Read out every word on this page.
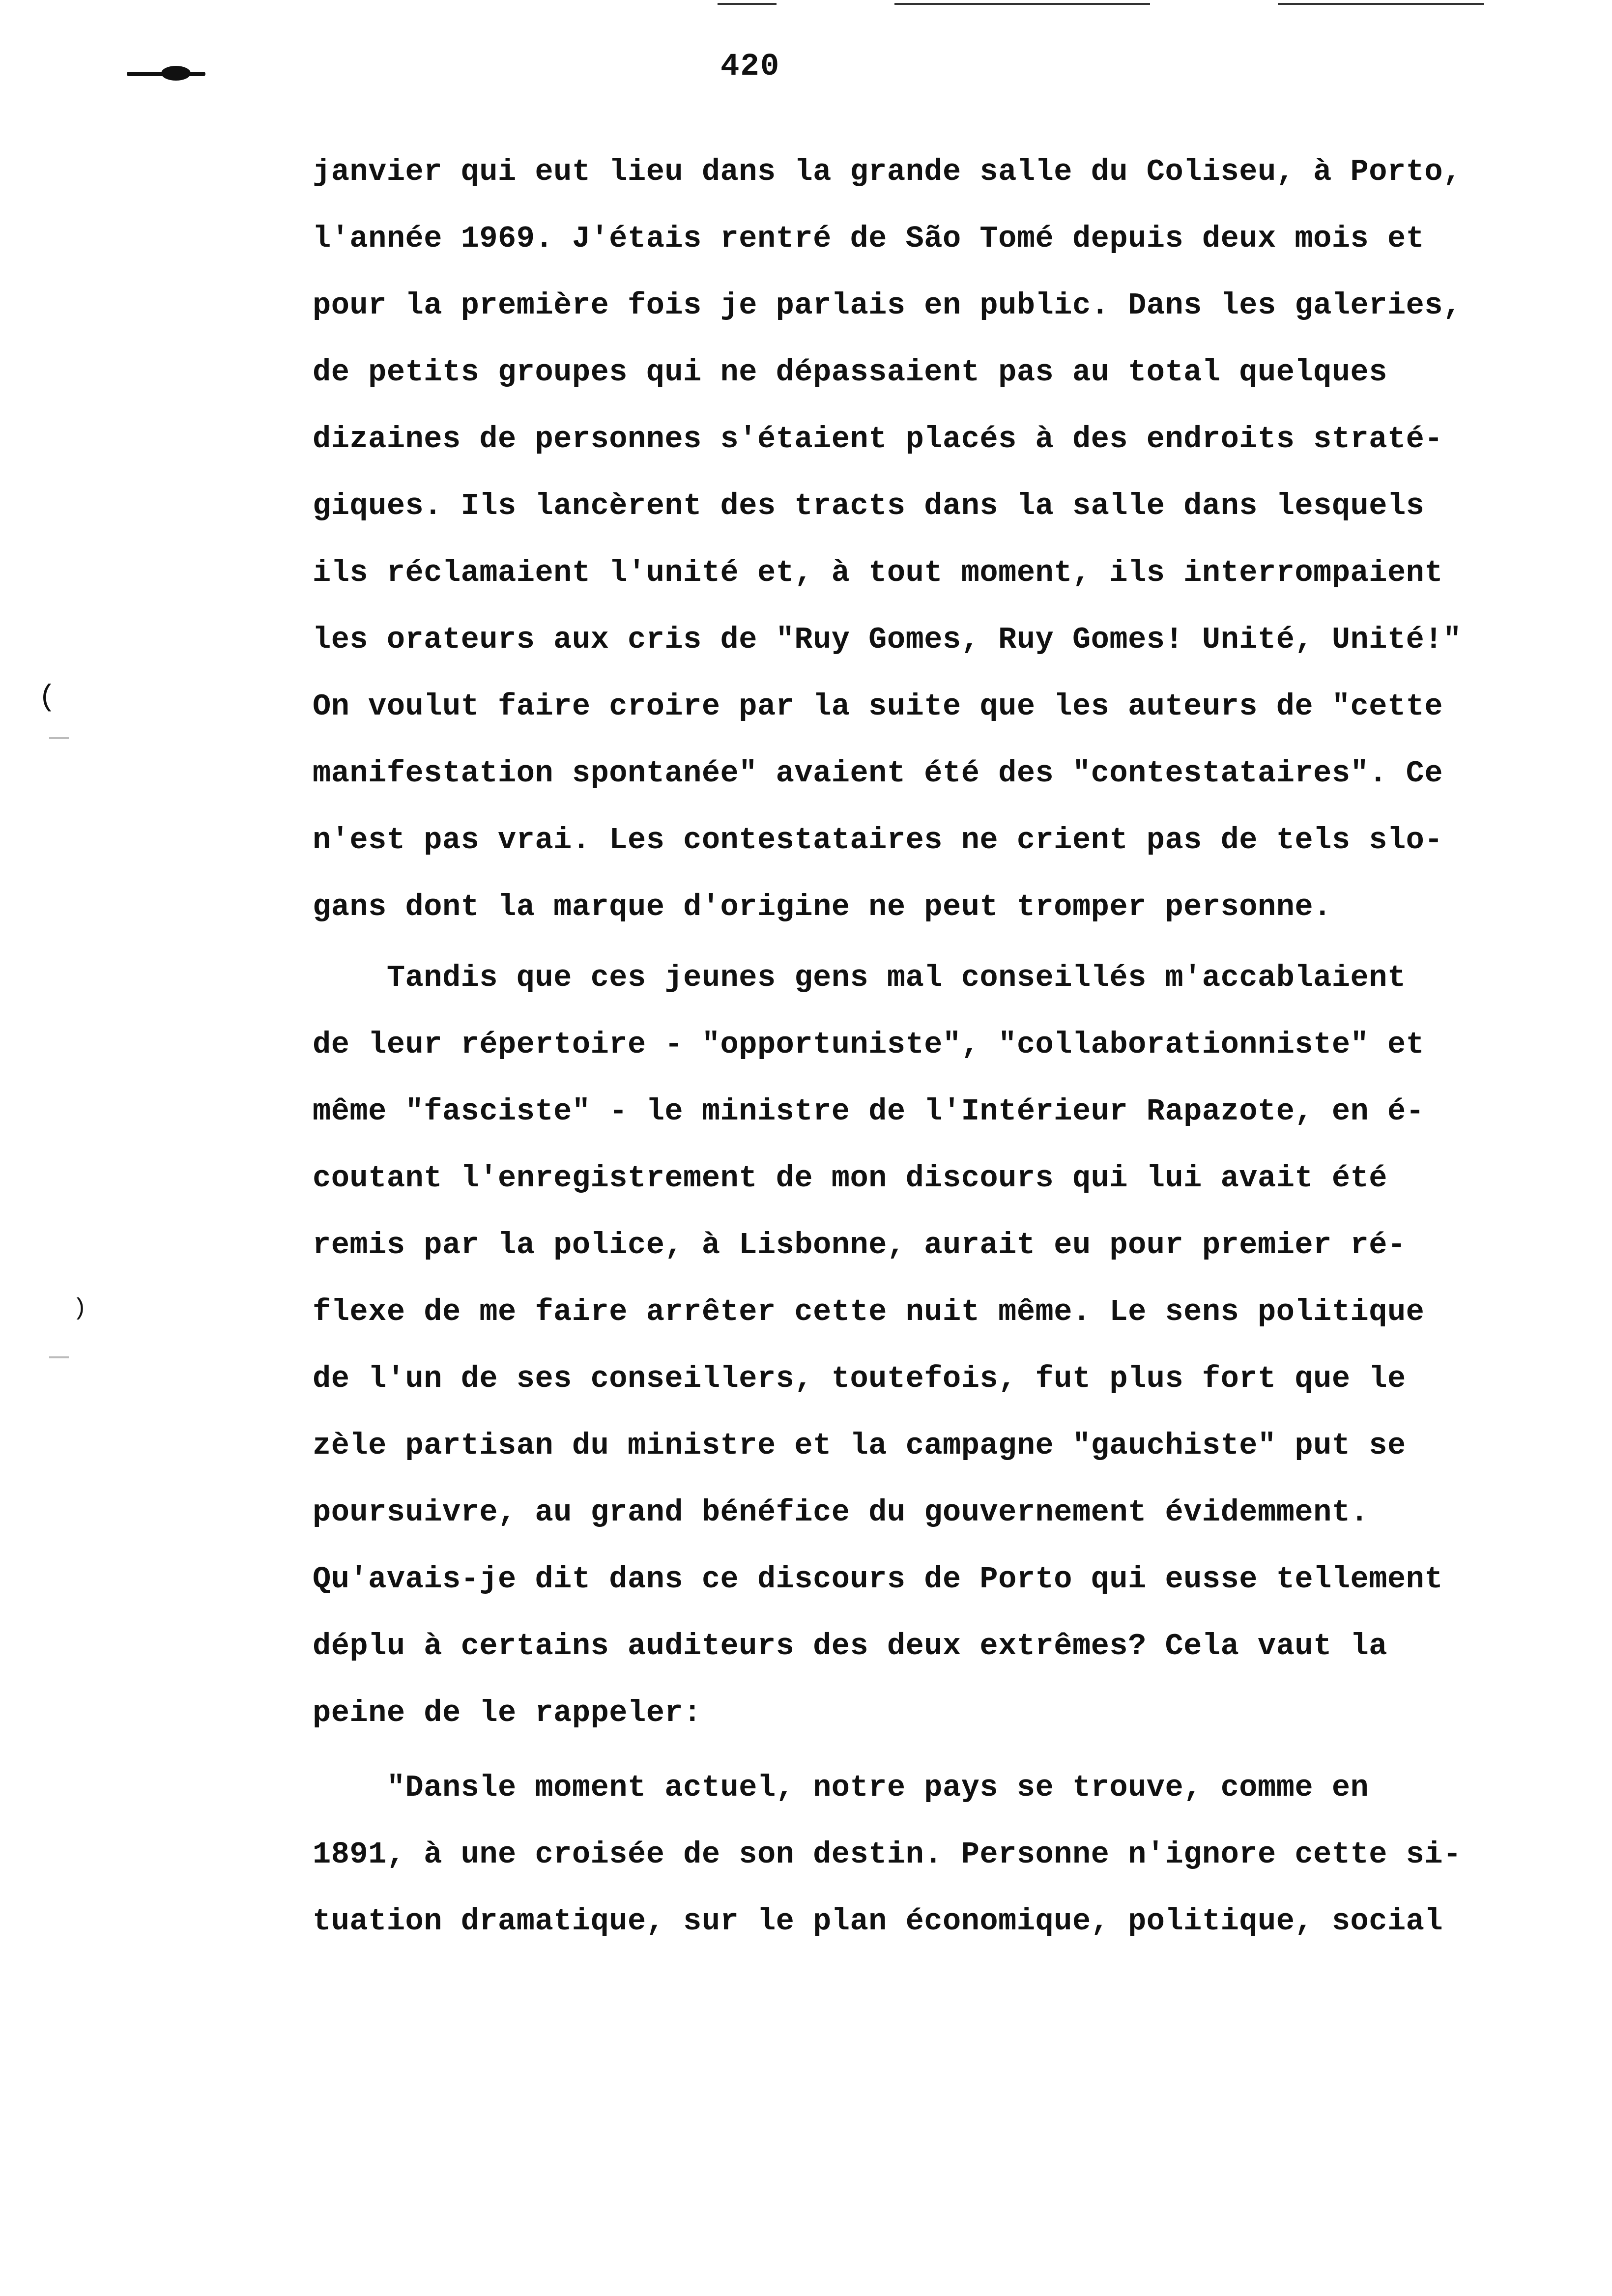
(
)
420
janvier qui eut lieu dans la grande salle du Coliseu, à Porto,
l'année 1969. J'étais rentré de São Tomé depuis deux mois et
pour la première fois je parlais en public. Dans les galeries,
de petits groupes qui ne dépassaient pas au total quelques
dizaines de personnes s'étaient placés à des endroits straté-
giques. Ils lancèrent des tracts dans la salle dans lesquels
ils réclamaient l'unité et, à tout moment, ils interrompaient
les orateurs aux cris de "Ruy Gomes, Ruy Gomes! Unité, Unité!"
On voulut faire croire par la suite que les auteurs de "cette
manifestation spontanée" avaient été des "contestataires". Ce
n'est pas vrai. Les contestataires ne crient pas de tels slo-
gans dont la marque d'origine ne peut tromper personne.
Tandis que ces jeunes gens mal conseillés m'accablaient
de leur répertoire - "opportuniste", "collaborationniste" et
même "fasciste" - le ministre de l'Intérieur Rapazote, en é-
coutant l'enregistrement de mon discours qui lui avait été
remis par la police, à Lisbonne, aurait eu pour premier ré-
flexe de me faire arrêter cette nuit même. Le sens politique
de l'un de ses conseillers, toutefois, fut plus fort que le
zèle partisan du ministre et la campagne "gauchiste" put se
poursuivre, au grand bénéfice du gouvernement évidemment.
Qu'avais-je dit dans ce discours de Porto qui eusse tellement
déplu à certains auditeurs des deux extrêmes? Cela vaut la
peine de le rappeler:
"Dansle moment actuel, notre pays se trouve, comme en
1891, à une croisée de son destin. Personne n'ignore cette si-
tuation dramatique, sur le plan économique, politique, social
